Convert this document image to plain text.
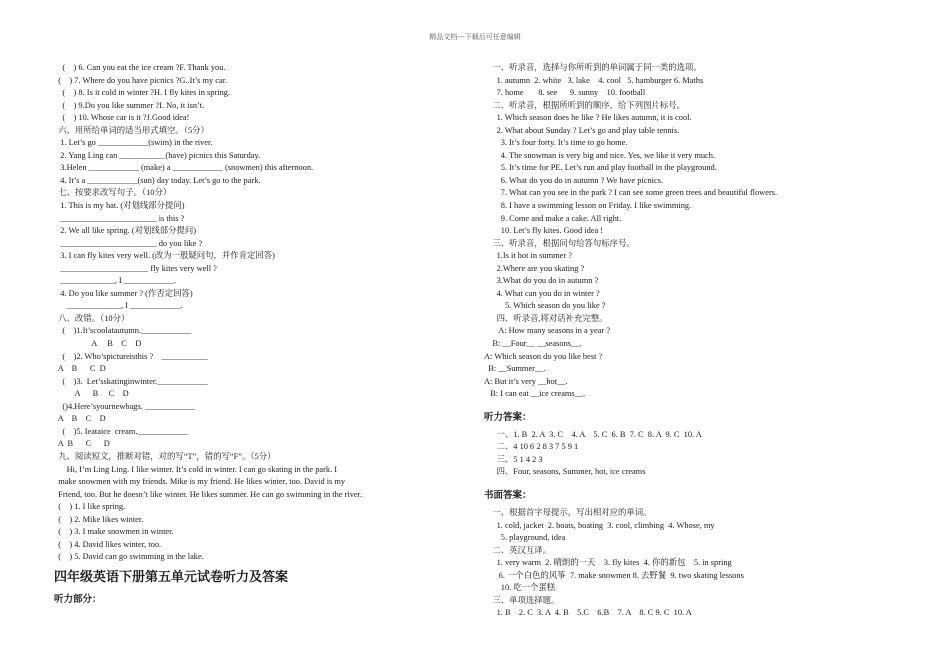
精品文档---下载后可任意编辑
(    ) 6. Can you eat the ice cream ?F. Thank you.
(    ) 7. Where do you have picnics ?G..It’s my car.
(    ) 8. Is it cold in winter ?H. I fly kites in spring.
(    ) 9.Do you like summer ?I. No, it isn’t.
(    ) 10. Whose car is it ?J.Good idea!
六、用所给单词的适当形式填空。（5分）
1. Let’s go ____________(swim) in the river.
2. Yang Ling can ___________(have) picnics this Saturday.
3.Helen ____________ (make) a ____________ (snowmen) this afternoon.
4. It’s a ____________(sun) day today. Let’s go to the park.
七、按要求改写句子。（10分）
1. This is my hat. (对划线部分提问)
_______________________ is this ?
2. We all like spring. (对划线部分提问)
_______________________ do you like ?
3. I can fly kites very well. (改为一般疑问句，并作肯定回答)
_____________________ fly kites very well ?
_____________, I ____________.
4. Do you like summer ? (作否定回答)
_____________, I ____________.
八、改错。（10分）
(    )1.It’scoolatautumn.____________
A     B    C    D
(    )2. Who’spictureisthis ?    ___________
A    B      C  D
(    )3.  Let’sskatinginwinter.____________
A      B     C    D
()4.Here’syournewbags. ____________
A    B    C    D
(    )5. Ieataice  cream.____________
A  B      C      D
九、阅读短文，推断对错，对的写“T”，错的写“F”。（5分）
Hi, I’m Ling Ling. I like winter. It’s cold in winter. I can go skating in the park. I
make snowmen with my friends. Mike is my friend. He likes winter, too. David is my
Friend, too. But he doesn’t like winter. He likes summer. He can go swimming in the river.
(    ) 1. I like spring.
(    ) 2. Mike likes winter.
(    ) 3. I make snowmen in winter.
(    ) 4. David likes winter, too.
(    ) 5. David can go swimming in the lake.
四年级英语下册第五单元试卷听力及答案
听力部分：
一、听录音，选择与你所听到的单词属于同一类的选项。
1. autumn  2. white   3. lake    4. cool   5. hamburger 6. Maths
7. home       8. see      9. sunny    10. football
二、听录音，根据所听到的顺序，给下列图片标号。
1. Which season does he like ? He likes autumn, it is cool.
2. What about Sunday ? Let’s go and play table tennis.
3. It’s four forty. It’s time to go home.
4. The snowman is very big and nice. Yes, we like it very much.
5. It’s time for PE. Let’s run and play football in the playground.
6. What do you do in autumn ? We have picnics.
7. What can you see in the park ? I can see some green trees and beautiful flowers.
8. I have a swimming lesson on Friday. I like swimming.
9. Come and make a cake. All right.
10. Let’s fly kites. Good idea !
三、听录音，根据问句给答句标序号。
1.Is it hot in summer ?
2.Where are you skating ?
3.What do you do in autumn ?
4. What can you do in winter ?
5. Which season do you like ?
四、听录音,将对话补充完整。
A: How many seasons in a year ?
B: __Four__ __seasons__.
A: Which season do you like best ?
B: __Summer__.
A: But it’s very __hot__.
B: I can eat __ice creams__.
听力答案：
一、1. B  2. A  3. C    4. A    5. C  6. B  7. C  8. A  9. C  10. A
二、4 10 6 2 8 3 7 5 9 1
三、5 1 4 2 3
四、Four, seasons, Summer, hot, ice creams
书面答案：
一、根据首字母提示，写出相对应的单词。
1. cold, jacket  2. boats, boating  3. cool, climbing  4. Whose, my
5. playground, idea
二、英汉互译。
1. very warm  2. 晴朗的一天    3. fly kites  4. 你的新包    5. in spring
6. 一个白色的风筝  7. make snowmen 8. 去野餐  9. two skating lessons
10. 吃一个蛋糕
三、单项选择题。
1. B    2. C  3. A  4. B    5.C    6.B    7. A    8. C 9. C  10. A
